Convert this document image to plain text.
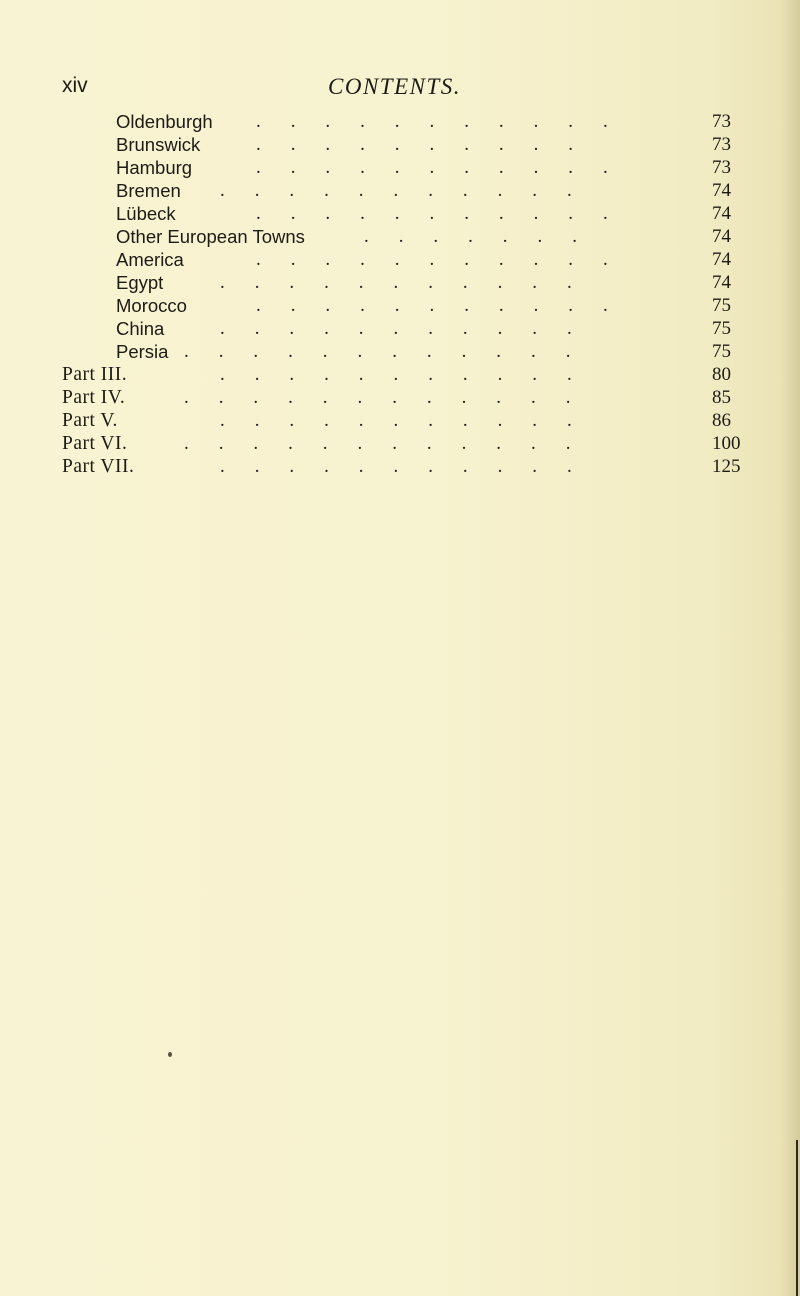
xiv	CONTENTS.
Oldenburgh . . . . . . . . . . .	73
Brunswick	. . . . . . . . . .	73
Hamburg	. . . . . . . . . . .	73
Bremen . . . . . . . . . . .	74
Lübeck	. . . . . . . . . . .	74
Other European Towns	. . . . . . .	74
America	. . . . . . . . . . .	74
Egypt	. . . . . . . . . . .	74
Morocco	. . . . . . . . . . .	75
China	. . . . . . . . . . .	75
Persia . . . . . . . . . . . .	75
Part III.	. . . . . . . . . . .	80
Part IV.	. . . . . . . . . . . .	85
Part V.	. . . . . . . . . . .	86
Part VI.	. . . . . . . . . . . .	100
Part VII.	. . . . . . . . . . .	125
